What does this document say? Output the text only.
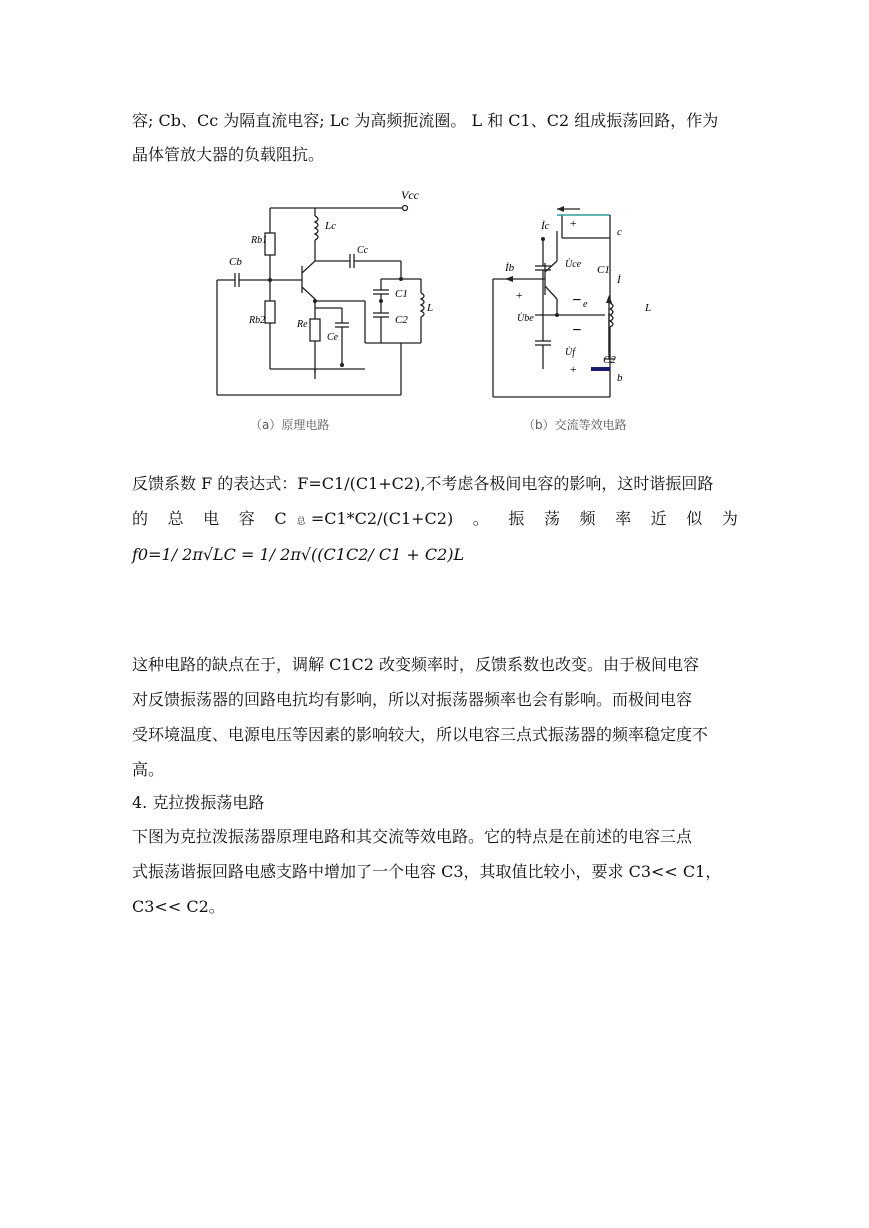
容; Cb、Cc 为隔直流电容; Lc 为高频扼流圈。 L 和 C1、C2 组成振荡回路，作为
晶体管放大器的负载阻抗。
Vcc
Lc
Rb1
Cb
Cc
C1
L
Rb2	Re	C2
Ce
İc +
c
İb	U̇ce C1
İ
L
+
e
U̇be
U̇f
C2
+
b
−
−
（a）原理电路	（b）交流等效电路
反馈系数 F 的表达式：F=C1/(C1+C2),不考虑各极间电容的影响，这时谐振回路
的 总 电 容 C 总 =C1*C2/(C1+C2) 。 振 荡 频 率 近 似 为
f0=1/ 2π√LC = 1/ 2π√((C1C2/ C1 + C2)L
这种电路的缺点在于，调解 C1C2 改变频率时，反馈系数也改变。由于极间电容
对反馈振荡器的回路电抗均有影响，所以对振荡器频率也会有影响。而极间电容
受环境温度、电源电压等因素的影响较大，所以电容三点式振荡器的频率稳定度不
高。
4. 克拉拨振荡电路
下图为克拉泼振荡器原理电路和其交流等效电路。它的特点是在前述的电容三点
式振荡谐振回路电感支路中增加了一个电容 C3，其取值比较小，要求 C3<< C1，
C3<< C2。
